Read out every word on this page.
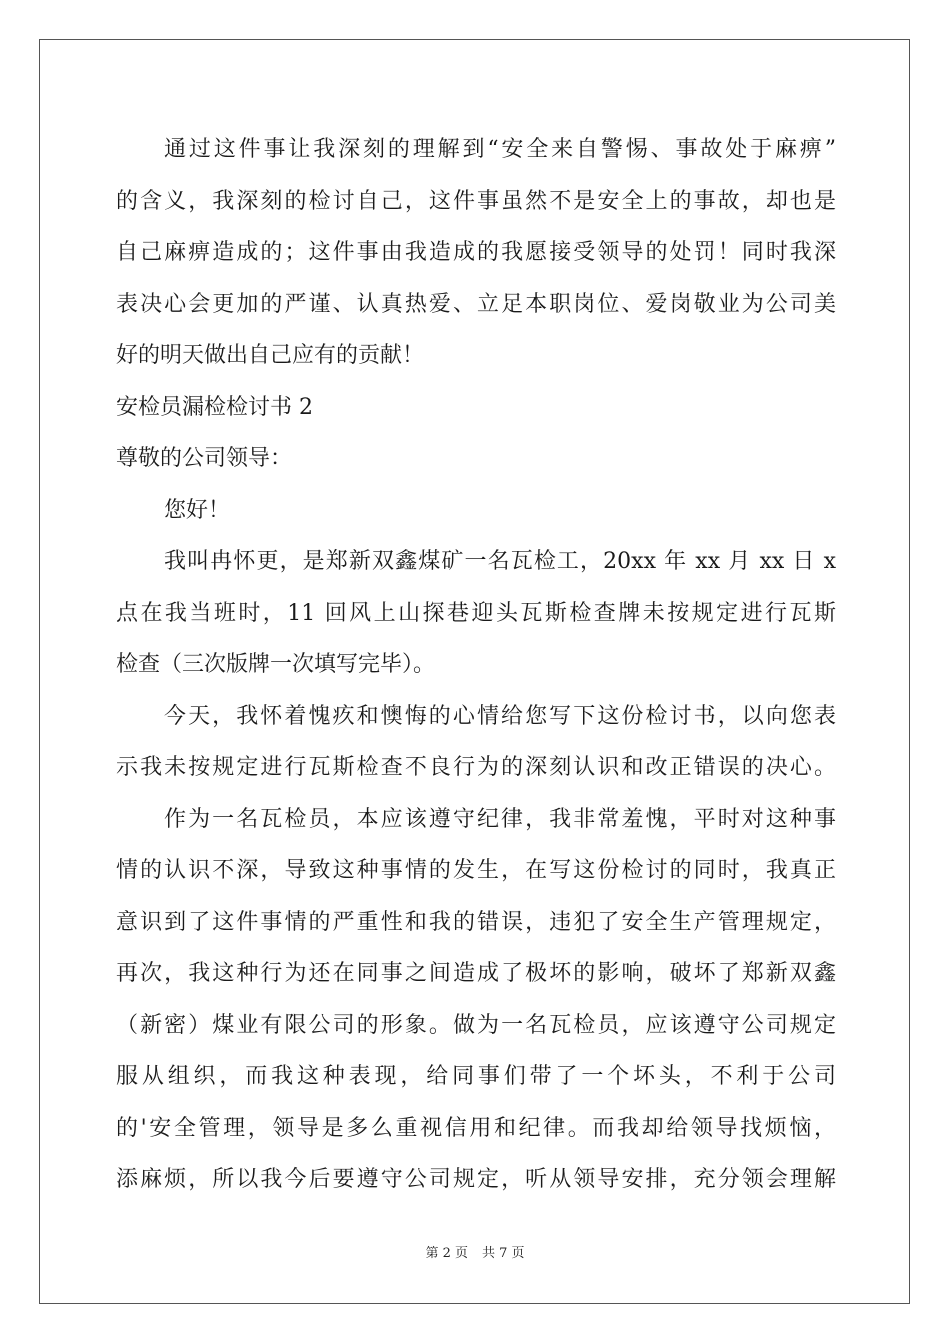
通过这件事让我深刻的理解到“安全来自警惕、事故处于麻痹”
的含义，我深刻的检讨自己，这件事虽然不是安全上的事故，却也是
自己麻痹造成的；这件事由我造成的我愿接受领导的处罚！同时我深
表决心会更加的严谨、认真热爱、立足本职岗位、爱岗敬业为公司美
好的明天做出自己应有的贡献！
安检员漏检检讨书 2
尊敬的公司领导：
您好！
我叫冉怀更，是郑新双鑫煤矿一名瓦检工，20xx 年 xx 月 xx 日 x
点在我当班时，11 回风上山探巷迎头瓦斯检查牌未按规定进行瓦斯
检查（三次版牌一次填写完毕）。
今天，我怀着愧疚和懊悔的心情给您写下这份检讨书，以向您表
示我未按规定进行瓦斯检查不良行为的深刻认识和改正错误的决心。
作为一名瓦检员，本应该遵守纪律，我非常羞愧，平时对这种事
情的认识不深，导致这种事情的发生，在写这份检讨的同时，我真正
意识到了这件事情的严重性和我的错误，违犯了安全生产管理规定，
再次，我这种行为还在同事之间造成了极坏的影响，破坏了郑新双鑫
（新密）煤业有限公司的形象。做为一名瓦检员，应该遵守公司规定
服从组织，而我这种表现，给同事们带了一个坏头，不利于公司
的'安全管理，领导是多么重视信用和纪律。而我却给领导找烦恼，
添麻烦，所以我今后要遵守公司规定，听从领导安排，充分领会理解
第 2 页 共 7 页
